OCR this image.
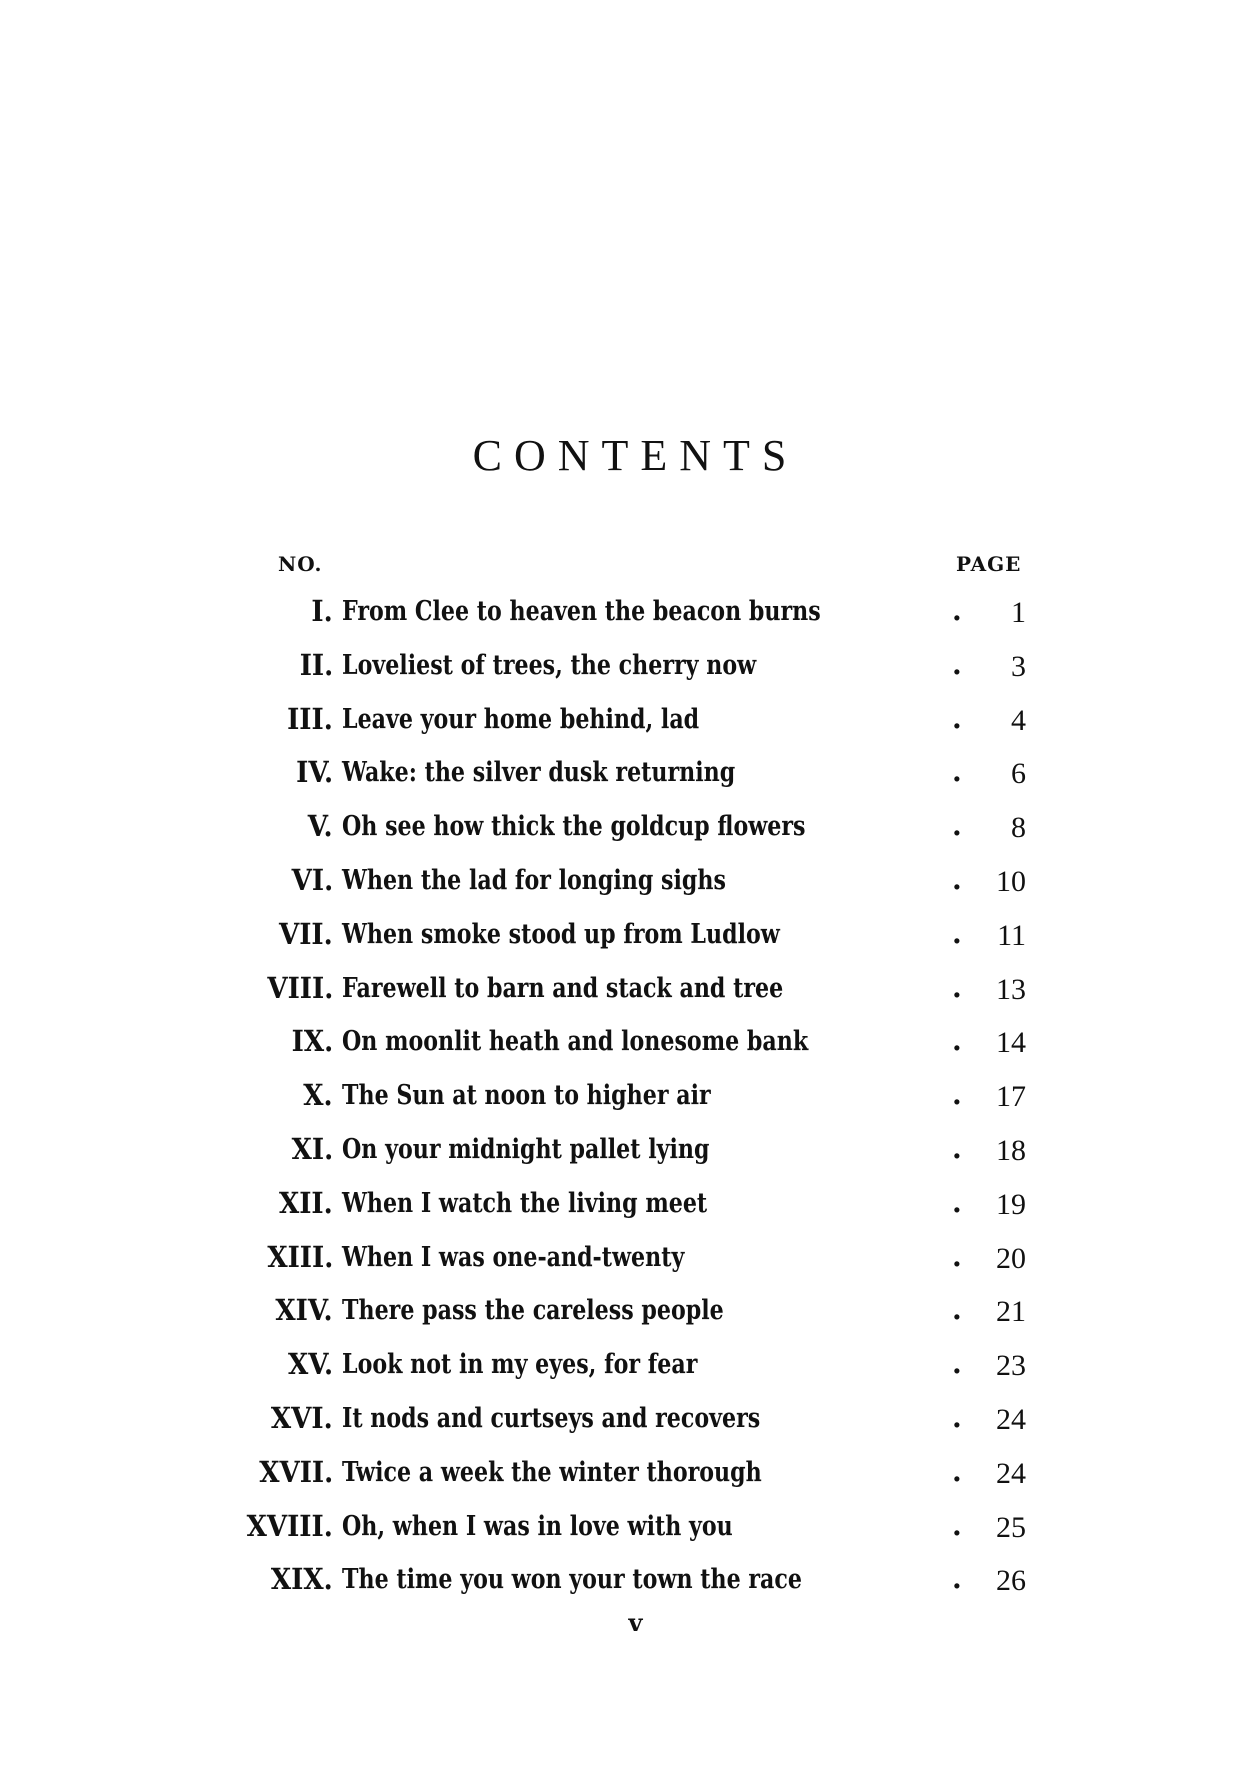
CONTENTS
NO.	PAGE
I. From Clee to heaven the beacon burns	. 1
II. Loveliest of trees, the cherry now	. 3
III. Leave your home behind, lad	. 4
IV. Wake: the silver dusk returning	. 6
V. Oh see how thick the goldcup flowers	. 8
VI. When the lad for longing sighs	. 10
VII. When smoke stood up from Ludlow	. 11
VIII. Farewell to barn and stack and tree	. 13
IX. On moonlit heath and lonesome bank	. 14
X. The Sun at noon to higher air	. 17
XI. On your midnight pallet lying	. 18
XII. When I watch the living meet	. 19
XIII. When I was one-and-twenty	. 20
XIV. There pass the careless people	. 21
XV. Look not in my eyes, for fear	. 23
XVI. It nods and curtseys and recovers	. 24
XVII. Twice a week the winter thorough	. 24
XVIII. Oh, when I was in love with you	. 25
XIX. The time you won your town the race	. 26
v
